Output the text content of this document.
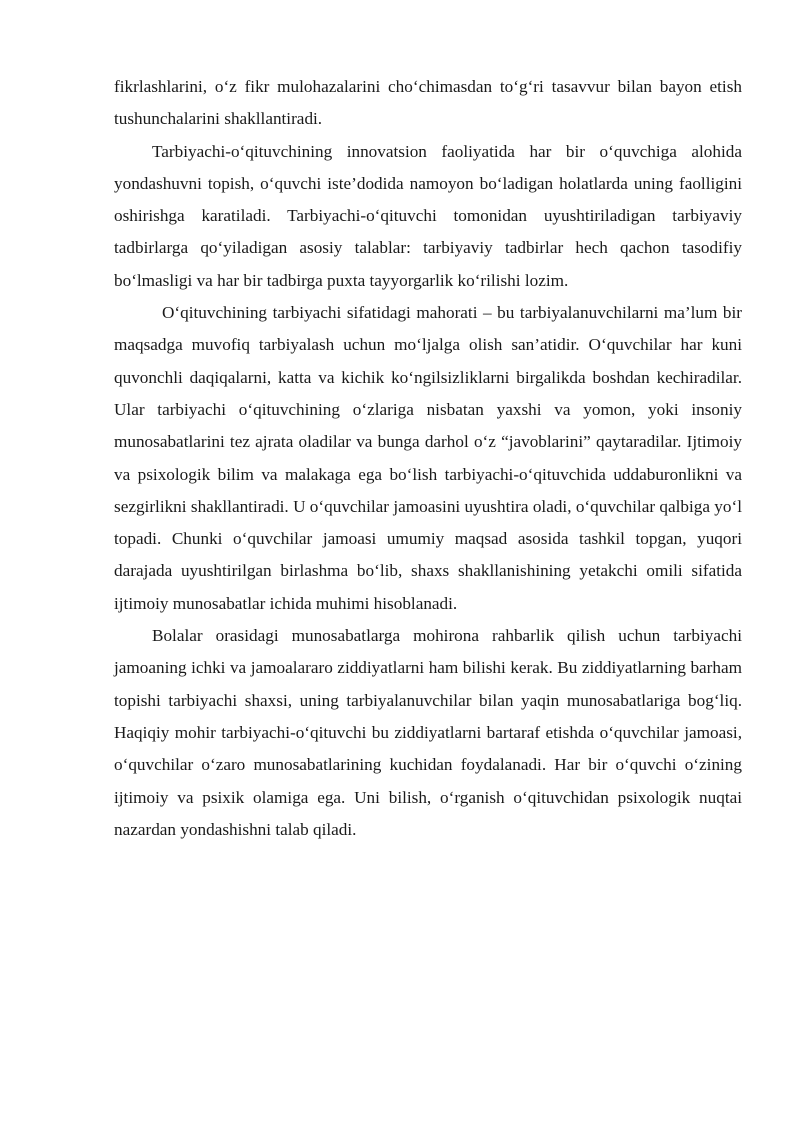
fikrlashlarini, o‘z fikr mulohazalarini cho‘chimasdan to‘g‘ri tasavvur bilan bayon etish tushunchalarini shakllantiradi.

Tarbiyachi-o‘qituvchining innovatsion faoliyatida har bir o‘quvchiga alohida yondashuvni topish, o‘quvchi iste’dodida namoyon bo‘ladigan holatlarda uning faolligini oshirishga karatiladi. Tarbiyachi-o‘qituvchi tomonidan uyushtiriladigan tarbiyaviy tadbirlarga qo‘yiladigan asosiy talablar: tarbiyaviy tadbirlar hech qachon tasodifiy bo‘lmasligi va har bir tadbirga puxta tayyorgarlik ko‘rilishi lozim.

O‘qituvchining tarbiyachi sifatidagi mahorati – bu tarbiyalanuvchilarni ma’lum bir maqsadga muvofiq tarbiyalash uchun mo‘ljalga olish san’atidir. O‘quvchilar har kuni quvonchli daqiqalarni, katta va kichik ko‘ngilsizliklarni birgalikda boshdan kechiradilar. Ular tarbiyachi o‘qituvchining o‘zlariga nisbatan yaxshi va yomon, yoki insoniy munosabatlarini tez ajrata oladilar va bunga darhol o‘z “javoblarini” qaytaradilar. Ijtimoiy va psixologik bilim va malakaga ega bo‘lish tarbiyachi-o‘qituvchida uddaburonlikni va sezgirlikni shakllantiradi. U o‘quvchilar jamoasini uyushtira oladi, o‘quvchilar qalbiga yo‘l topadi. Chunki o‘quvchilar jamoasi umumiy maqsad asosida tashkil topgan, yuqori darajada uyushtirilgan birlashma bo‘lib, shaxs shakllanishining yetakchi omili sifatida ijtimoiy munosabatlar ichida muhimi hisoblanadi.

Bolalar orasidagi munosabatlarga mohirona rahbarlik qilish uchun tarbiyachi jamoaning ichki va jamoalararo ziddiyatlarni ham bilishi kerak. Bu ziddiyatlarning barham topishi tarbiyachi shaxsi, uning tarbiyalanuvchilar bilan yaqin munosabatlariga bog‘liq. Haqiqiy mohir tarbiyachi-o‘qituvchi bu ziddiyatlarni bartaraf etishda o‘quvchilar jamoasi, o‘quvchilar o‘zaro munosabatlarining kuchidan foydalanadi. Har bir o‘quvchi o‘zining ijtimoiy va psixik olamiga ega. Uni bilish, o‘rganish o‘qituvchidan psixologik nuqtai nazardan yondashishni talab qiladi.
